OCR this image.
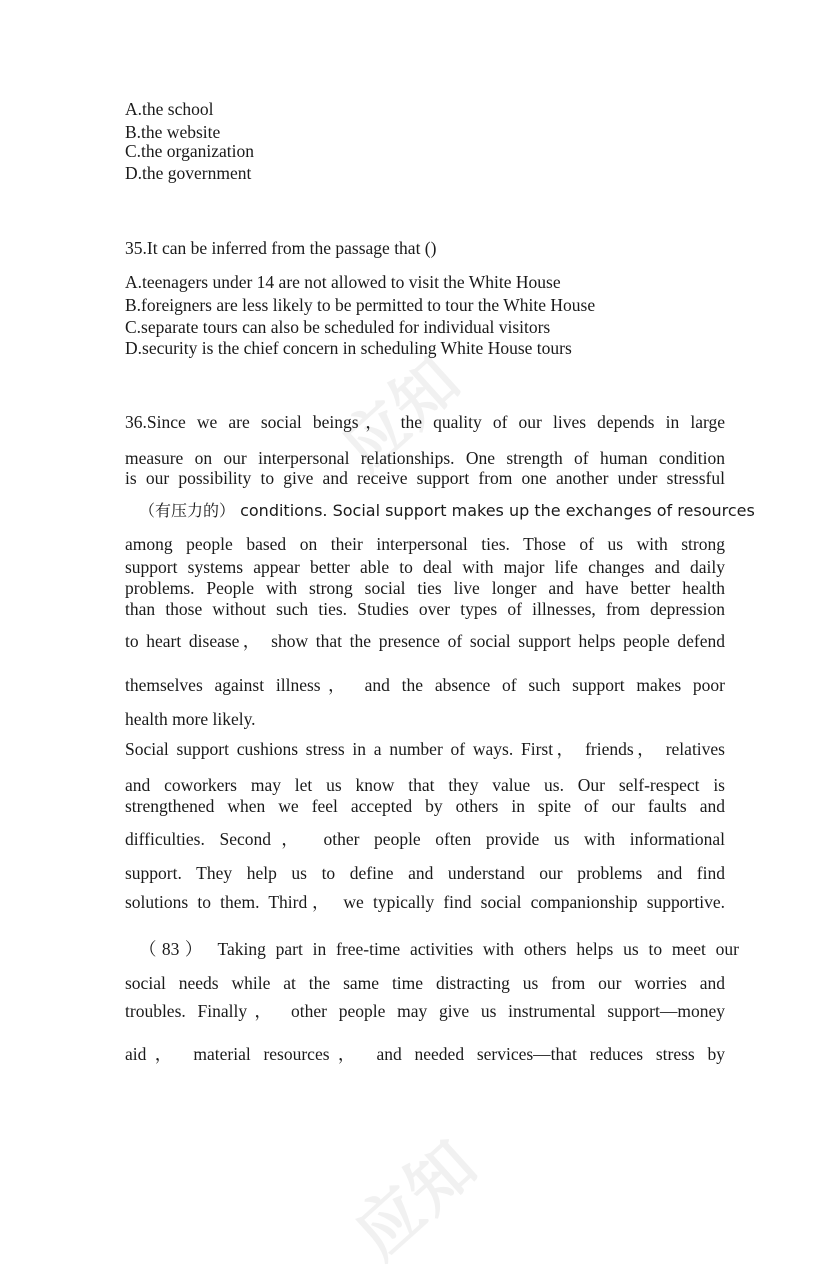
应知
应知
A.the school
B.the website
C.the organization
D.the government
35.It can be inferred from the passage that ()
A.teenagers under 14 are not allowed to visit the White House
B.foreigners are less likely to be permitted to tour the White House
C.separate tours can also be scheduled for individual visitors
D.security is the chief concern in scheduling White House tours
36.Since we are social beings， the quality of our lives depends in large
measure on our interpersonal relationships. One strength of human condition
is our possibility to give and receive support from one another under stressful
（有压力的） conditions. Social support makes up the exchanges of resources
among people based on their interpersonal ties. Those of us with strong
support systems appear better able to deal with major life changes and daily
problems. People with strong social ties live longer and have better health
than those without such ties. Studies over types of illnesses, from depression
to heart disease， show that the presence of social support helps people defend
themselves against illness， and the absence of such support makes poor
health more likely.
Social support cushions stress in a number of ways. First， friends， relatives
and coworkers may let us know that they value us. Our self-respect is
strengthened when we feel accepted by others in spite of our faults and
difficulties. Second， other people often provide us with informational
support. They help us to define and understand our problems and find
solutions to them. Third， we typically find social companionship supportive.
（83） Taking part in free-time activities with others helps us to meet our
social needs while at the same time distracting us from our worries and
troubles. Finally， other people may give us instrumental support—money
aid， material resources， and needed services—that reduces stress by
